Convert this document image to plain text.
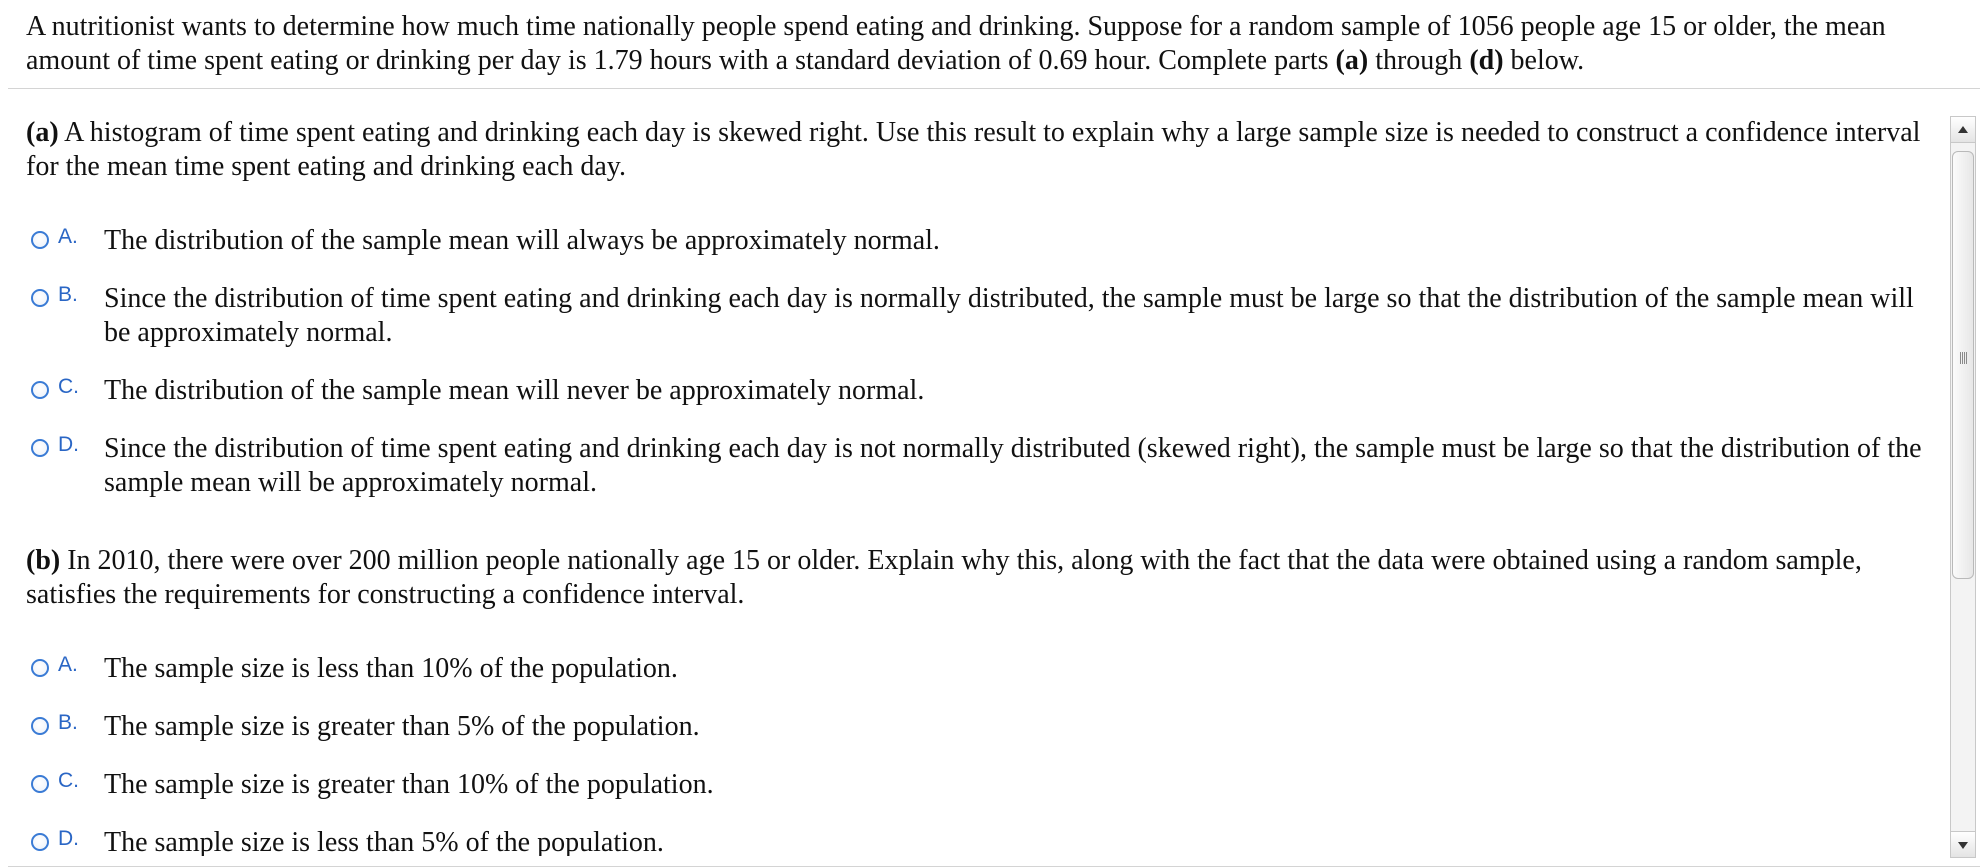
A nutritionist wants to determine how much time nationally people spend eating and drinking. Suppose for a random sample of 1056 people age 15 or older, the mean amount of time spent eating or drinking per day is 1.79 hours with a standard deviation of 0.69 hour. Complete parts (a) through (d) below.

(a) A histogram of time spent eating and drinking each day is skewed right. Use this result to explain why a large sample size is needed to construct a confidence interval for the mean time spent eating and drinking each day.

A. The distribution of the sample mean will always be approximately normal.
B. Since the distribution of time spent eating and drinking each day is normally distributed, the sample must be large so that the distribution of the sample mean will be approximately normal.
C. The distribution of the sample mean will never be approximately normal.
D. Since the distribution of time spent eating and drinking each day is not normally distributed (skewed right), the sample must be large so that the distribution of the sample mean will be approximately normal.

(b) In 2010, there were over 200 million people nationally age 15 or older. Explain why this, along with the fact that the data were obtained using a random sample, satisfies the requirements for constructing a confidence interval.

A. The sample size is less than 10% of the population.
B. The sample size is greater than 5% of the population.
C. The sample size is greater than 10% of the population.
D. The sample size is less than 5% of the population.
